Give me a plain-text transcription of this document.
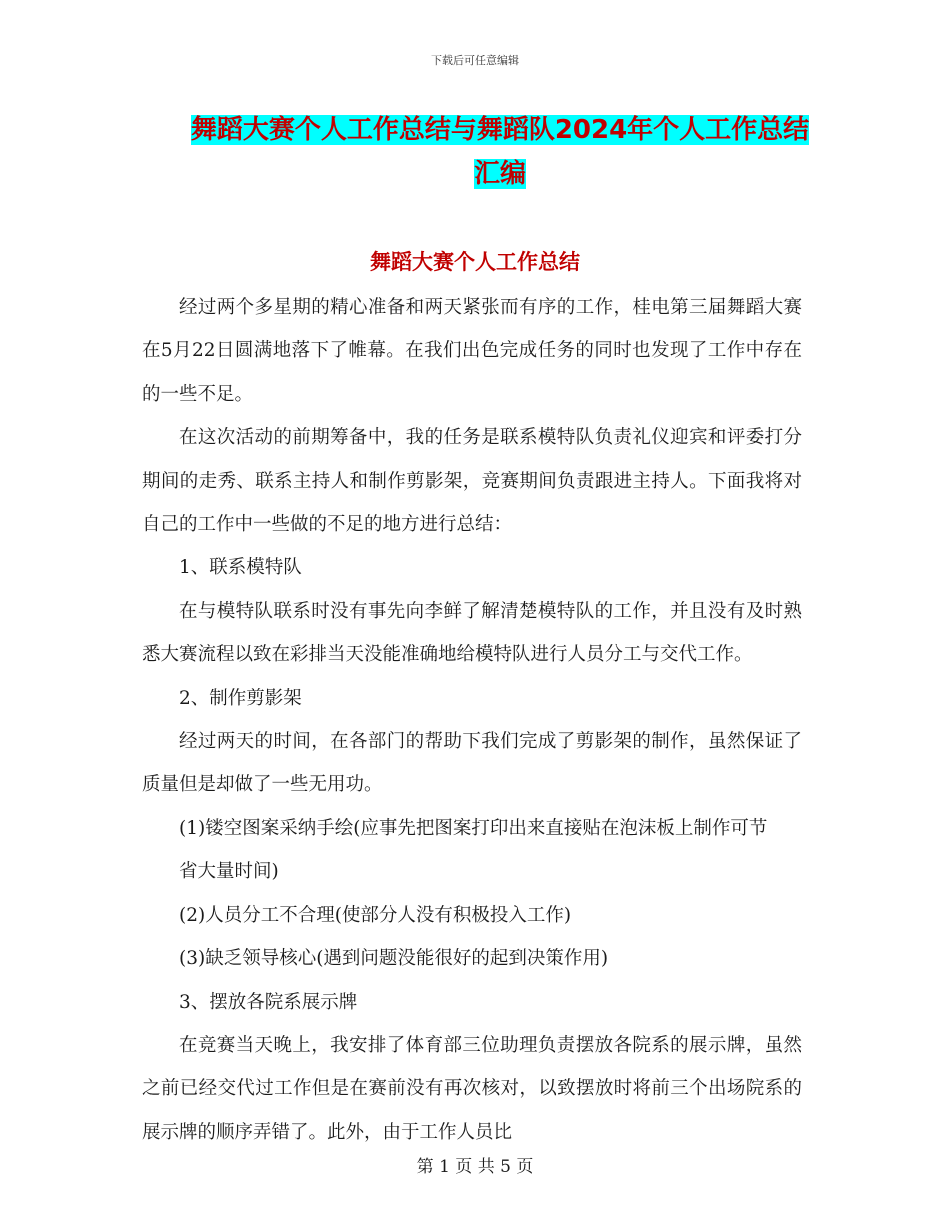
下载后可任意编辑
舞蹈大赛个人工作总结与舞蹈队2024年个人工作总结
汇编
舞蹈大赛个人工作总结

经过两个多星期的精心准备和两天紧张而有序的工作，桂电第三届舞蹈大赛在5月22日圆满地落下了帷幕。在我们出色完成任务的同时也发现了工作中存在的一些不足。

在这次活动的前期筹备中，我的任务是联系模特队负责礼仪迎宾和评委打分期间的走秀、联系主持人和制作剪影架，竞赛期间负责跟进主持人。下面我将对自己的工作中一些做的不足的地方进行总结：

1、联系模特队

在与模特队联系时没有事先向李鲜了解清楚模特队的工作，并且没有及时熟悉大赛流程以致在彩排当天没能准确地给模特队进行人员分工与交代工作。

2、制作剪影架

经过两天的时间，在各部门的帮助下我们完成了剪影架的制作，虽然保证了质量但是却做了一些无用功。

(1)镂空图案采纳手绘(应事先把图案打印出来直接贴在泡沫板上制作可节

省大量时间)

(2)人员分工不合理(使部分人没有积极投入工作)

(3)缺乏领导核心(遇到问题没能很好的起到决策作用)

3、摆放各院系展示牌

在竞赛当天晚上，我安排了体育部三位助理负责摆放各院系的展示牌，虽然之前已经交代过工作但是在赛前没有再次核对，以致摆放时将前三个出场院系的展示牌的顺序弄错了。此外，由于工作人员比

第 1 页 共 5 页
